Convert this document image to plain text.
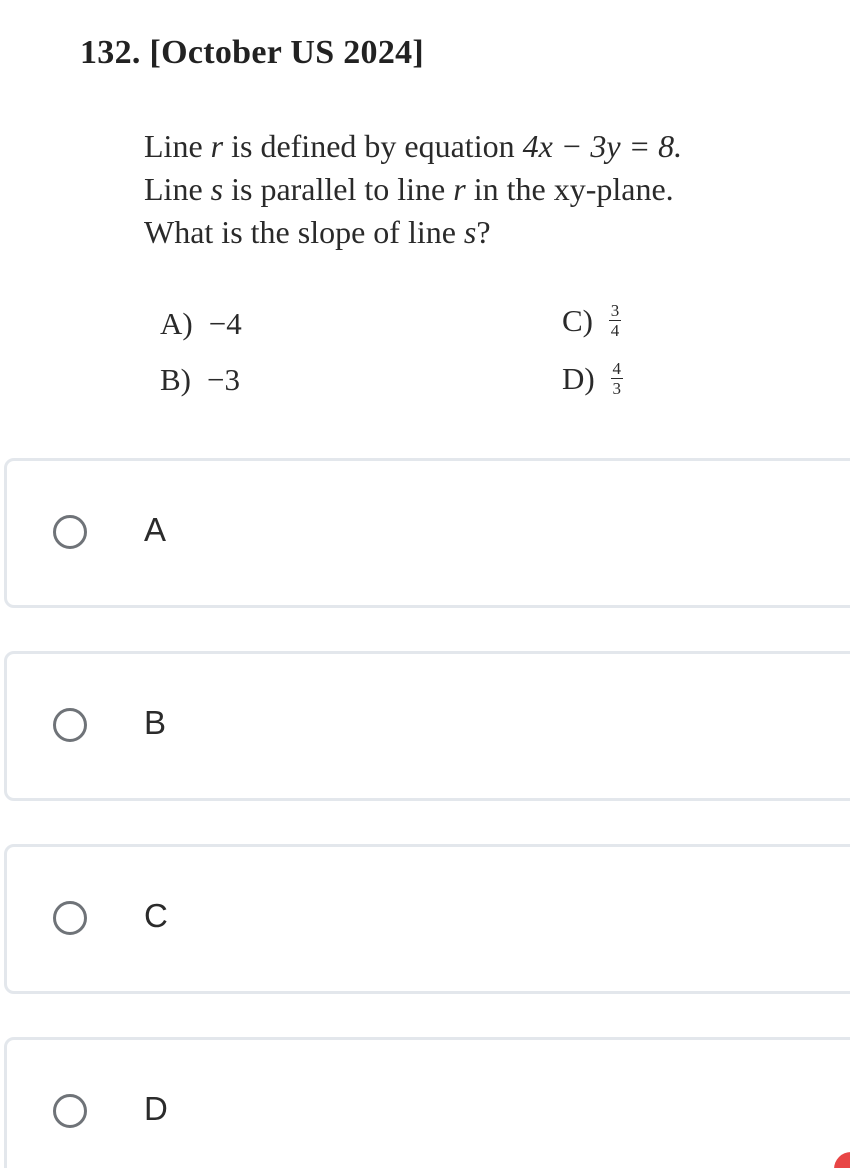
132. [October US 2024]
Line r is defined by equation 4x − 3y = 8.
Line s is parallel to line r in the xy-plane.
What is the slope of line s?
A) −4
B) −3
$C) \frac{3}{4}$
$D) \frac{4}{3}$
A
B
C
D
